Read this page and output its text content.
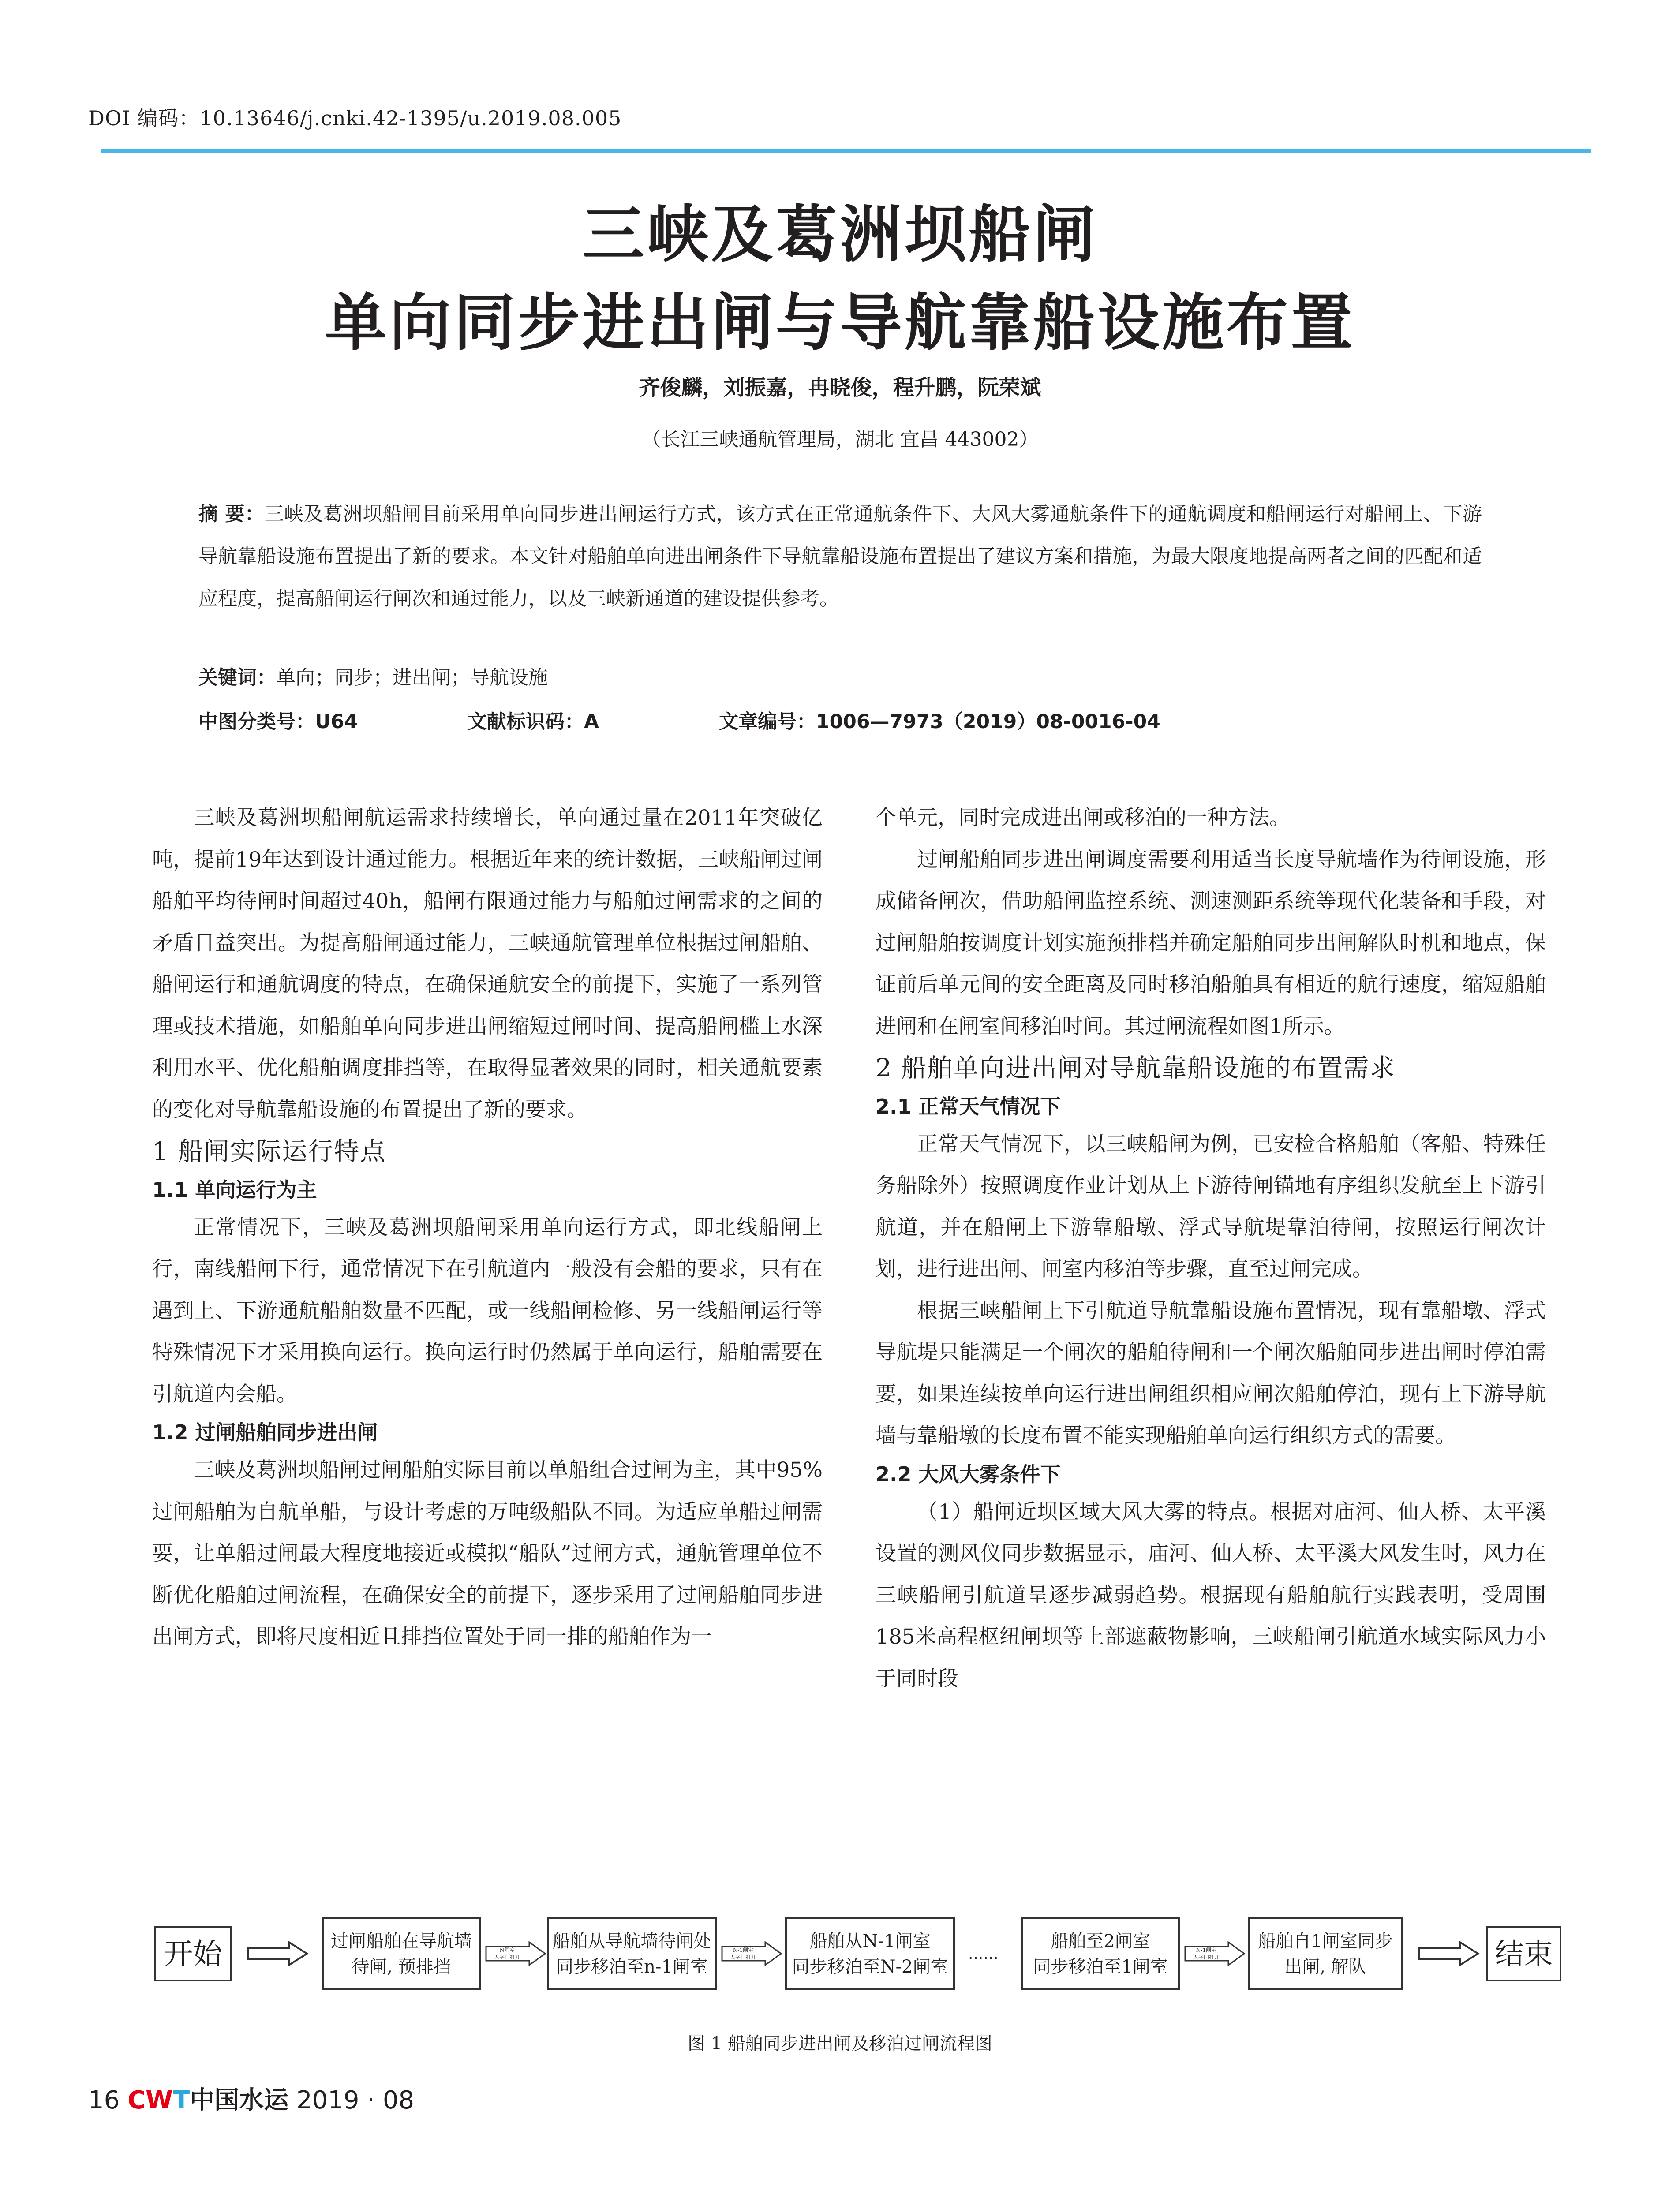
DOI 编码：10.13646/j.cnki.42-1395/u.2019.08.005
三峡及葛洲坝船闸
单向同步进出闸与导航靠船设施布置
齐俊麟，刘振嘉，冉晓俊，程升鹏，阮荣斌
（长江三峡通航管理局，湖北 宜昌 443002）
摘 要：三峡及葛洲坝船闸目前采用单向同步进出闸运行方式，该方式在正常通航条件下、大风大雾通航条件下的通航调度和船闸运行对船闸上、下游导航靠船设施布置提出了新的要求。本文针对船舶单向进出闸条件下导航靠船设施布置提出了建议方案和措施，为最大限度地提高两者之间的匹配和适应程度，提高船闸运行闸次和通过能力，以及三峡新通道的建设提供参考。
关键词：单向；同步；进出闸；导航设施
中图分类号：U64	文献标识码：A	文章编号：1006—7973（2019）08-0016-04

三峡及葛洲坝船闸航运需求持续增长，单向通过量在2011年突破亿吨，提前19年达到设计通过能力。根据近年来的统计数据，三峡船闸过闸船舶平均待闸时间超过40h，船闸有限通过能力与船舶过闸需求的之间的矛盾日益突出。为提高船闸通过能力，三峡通航管理单位根据过闸船舶、船闸运行和通航调度的特点，在确保通航安全的前提下，实施了一系列管理或技术措施，如船舶单向同步进出闸缩短过闸时间、提高船闸槛上水深利用水平、优化船舶调度排挡等，在取得显著效果的同时，相关通航要素的变化对导航靠船设施的布置提出了新的要求。

1 船闸实际运行特点
1.1 单向运行为主

正常情况下，三峡及葛洲坝船闸采用单向运行方式，即北线船闸上行，南线船闸下行，通常情况下在引航道内一般没有会船的要求，只有在遇到上、下游通航船舶数量不匹配，或一线船闸检修、另一线船闸运行等特殊情况下才采用换向运行。换向运行时仍然属于单向运行，船舶需要在引航道内会船。

1.2 过闸船舶同步进出闸

三峡及葛洲坝船闸过闸船舶实际目前以单船组合过闸为主，其中95%过闸船舶为自航单船，与设计考虑的万吨级船队不同。为适应单船过闸需要，让单船过闸最大程度地接近或模拟“船队”过闸方式，通航管理单位不断优化船舶过闸流程，在确保安全的前提下，逐步采用了过闸船舶同步进出闸方式，即将尺度相近且排挡位置处于同一排的船舶作为一

个单元，同时完成进出闸或移泊的一种方法。

过闸船舶同步进出闸调度需要利用适当长度导航墙作为待闸设施，形成储备闸次，借助船闸监控系统、测速测距系统等现代化装备和手段，对过闸船舶按调度计划实施预排档并确定船舶同步出闸解队时机和地点，保证前后单元间的安全距离及同时移泊船舶具有相近的航行速度，缩短船舶进闸和在闸室间移泊时间。其过闸流程如图1所示。

2 船舶单向进出闸对导航靠船设施的布置需求
2.1 正常天气情况下

正常天气情况下，以三峡船闸为例，已安检合格船舶（客船、特殊任务船除外）按照调度作业计划从上下游待闸锚地有序组织发航至上下游引航道，并在船闸上下游靠船墩、浮式导航堤靠泊待闸，按照运行闸次计划，进行进出闸、闸室内移泊等步骤，直至过闸完成。

根据三峡船闸上下引航道导航靠船设施布置情况，现有靠船墩、浮式导航堤只能满足一个闸次的船舶待闸和一个闸次船舶同步进出闸时停泊需要，如果连续按单向运行进出闸组织相应闸次船舶停泊，现有上下游导航墙与靠船墩的长度布置不能实现船舶单向运行组织方式的需要。

2.2 大风大雾条件下

（1）船闸近坝区域大风大雾的特点。根据对庙河、仙人桥、太平溪设置的测风仪同步数据显示，庙河、仙人桥、太平溪大风发生时，风力在三峡船闸引航道呈逐步减弱趋势。根据现有船舶航行实践表明，受周围185米高程枢纽闸坝等上部遮蔽物影响，三峡船闸引航道水域实际风力小于同时段

开始	过闸船舶在导航墙
待闸, 预排挡
N闸室
人字门打开
船舶从导航墙待闸处
同步移泊至n-1闸室
N-1闸室
人字门打开
船舶从N-1闸室
同步移泊至N-2闸室
......
船舶至2闸室
同步移泊至1闸室
N-1闸室
人字门打开
船舶自1闸室同步
出闸, 解队	结束
图 1 船舶同步进出闸及移泊过闸流程图
16 CWT中国水运 2019 · 08
